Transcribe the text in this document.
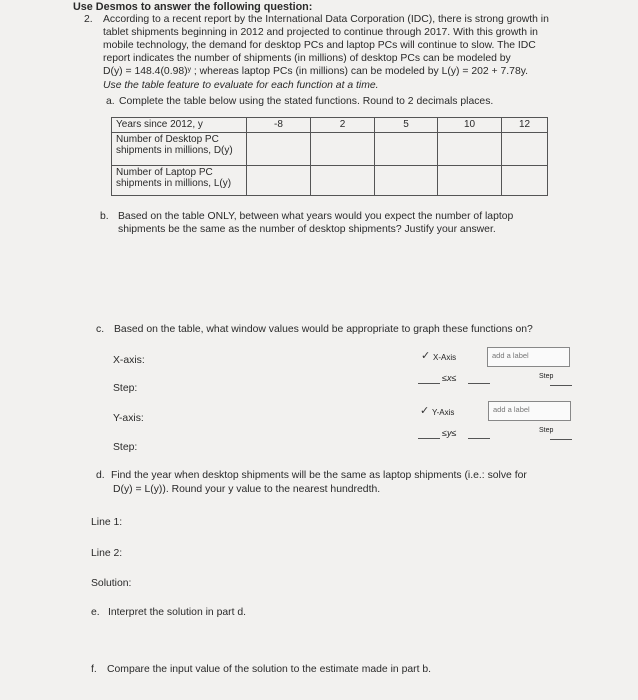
Use Desmos to answer the following question:
2. According to a recent report by the International Data Corporation (IDC), there is strong growth in
tablet shipments beginning in 2012 and projected to continue through 2017. With this growth in
mobile technology, the demand for desktop PCs and laptop PCs will continue to slow. The IDC
report indicates the number of shipments (in millions) of desktop PCs can be modeled by
D(y) = 148.4(0.98)ʸ ; whereas laptop PCs (in millions) can be modeled by L(y) = 202 + 7.78y.
Use the table feature to evaluate for each function at a time.
a. Complete the table below using the stated functions. Round to 2 decimals places.
Years since 2012, y	-8	2	5	10	12

Number of Desktop PC
shipments in millions, D(y)					

Number of Laptop PC
shipments in millions, L(y)					

b. Based on the table ONLY, between what years would you expect the number of laptop
shipments be the same as the number of desktop shipments? Justify your answer.
c. Based on the table, what window values would be appropriate to graph these functions on?
X-axis:
Step:
Y-axis:
Step:
✓ X-Axis	add a label
≤x≤	Step
✓ Y-Axis	add a label
≤y≤	Step
d. Find the year when desktop shipments will be the same as laptop shipments (i.e.: solve for
D(y) = L(y)). Round your y value to the nearest hundredth.
Line 1:
Line 2:
Solution:
e. Interpret the solution in part d.
f. Compare the input value of the solution to the estimate made in part b.
